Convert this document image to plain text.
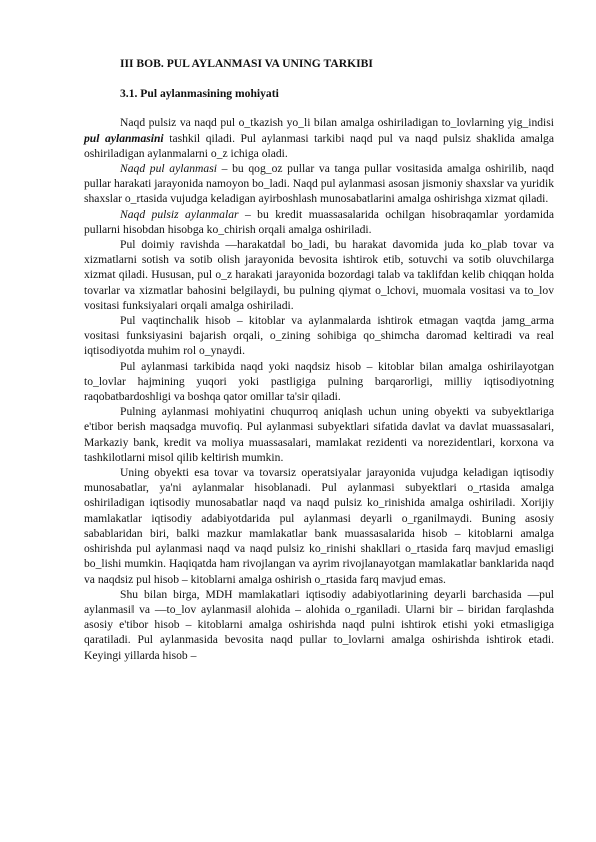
III BOB. PUL AYLANMASI VA UNING TARKIBI

3.1. Pul aylanmasining mohiyati

Naqd pulsiz va naqd pul o_tkazish yo_li bilan amalga oshiriladigan to_lovlarning yig_indisi pul aylanmasini tashkil qiladi. Pul aylanmasi tarkibi naqd pul va naqd pulsiz shaklida amalga oshiriladigan aylanmalarni o_z ichiga oladi.

Naqd pul aylanmasi – bu qog_oz pullar va tanga pullar vositasida amalga oshirilib, naqd pullar harakati jarayonida namoyon bo_ladi. Naqd pul aylanmasi asosan jismoniy shaxslar va yuridik shaxslar o_rtasida vujudga keladigan ayirboshlash munosabatlarini amalga oshirishga xizmat qiladi.

Naqd pulsiz aylanmalar – bu kredit muassasalarida ochilgan hisobraqamlar yordamida pullarni hisobdan hisobga ko_chirish orqali amalga oshiriladi.

Pul doimiy ravishda ―harakatda‖ bo_ladi, bu harakat davomida juda ko_plab tovar va xizmatlarni sotish va sotib olish jarayonida bevosita ishtirok etib, sotuvchi va sotib oluvchilarga xizmat qiladi. Hususan, pul o_z harakati jarayonida bozordagi talab va taklifdan kelib chiqqan holda tovarlar va xizmatlar bahosini belgilaydi, bu pulning qiymat o_lchovi, muomala vositasi va to_lov vositasi funksiyalari orqali amalga oshiriladi.

Pul vaqtinchalik hisob – kitoblar va aylanmalarda ishtirok etmagan vaqtda jamg_arma vositasi funksiyasini bajarish orqali, o_zining sohibiga qo_shimcha daromad keltiradi va real iqtisodiyotda muhim rol o_ynaydi.

Pul aylanmasi tarkibida naqd yoki naqdsiz hisob – kitoblar bilan amalga oshirilayotgan to_lovlar hajmining yuqori yoki pastligiga pulning barqarorligi, milliy iqtisodiyotning raqobatbardoshligi va boshqa qator omillar ta'sir qiladi.

Pulning aylanmasi mohiyatini chuqurroq aniqlash uchun uning obyekti va subyektlariga e'tibor berish maqsadga muvofiq. Pul aylanmasi subyektlari sifatida davlat va davlat muassasalari, Markaziy bank, kredit va moliya muassasalari, mamlakat rezidenti va norezidentlari, korxona va tashkilotlarni misol qilib keltirish mumkin.

Uning obyekti esa tovar va tovarsiz operatsiyalar jarayonida vujudga keladigan iqtisodiy munosabatlar, ya'ni aylanmalar hisoblanadi. Pul aylanmasi subyektlari o_rtasida amalga oshiriladigan iqtisodiy munosabatlar naqd va naqd pulsiz ko_rinishida amalga oshiriladi. Xorijiy mamlakatlar iqtisodiy adabiyotdarida pul aylanmasi deyarli o_rganilmaydi. Buning asosiy sabablaridan biri, balki mazkur mamlakatlar bank muassasalarida hisob – kitoblarni amalga oshirishda pul aylanmasi naqd va naqd pulsiz ko_rinishi shakllari o_rtasida farq mavjud emasligi bo_lishi mumkin. Haqiqatda ham rivojlangan va ayrim rivojlanayotgan mamlakatlar banklarida naqd va naqdsiz pul hisob – kitoblarni amalga oshirish o_rtasida farq mavjud emas.

Shu bilan birga, MDH mamlakatlari iqtisodiy adabiyotlarining deyarli barchasida ―pul aylanmasi‖ va ―to_lov aylanmasi‖ alohida – alohida o_rganiladi. Ularni bir – biridan farqlashda asosiy e'tibor hisob – kitoblarni amalga oshirishda naqd pulni ishtirok etishi yoki etmasligiga qaratiladi. Pul aylanmasida bevosita naqd pullar to_lovlarni amalga oshirishda ishtirok etadi. Keyingi yillarda hisob –
